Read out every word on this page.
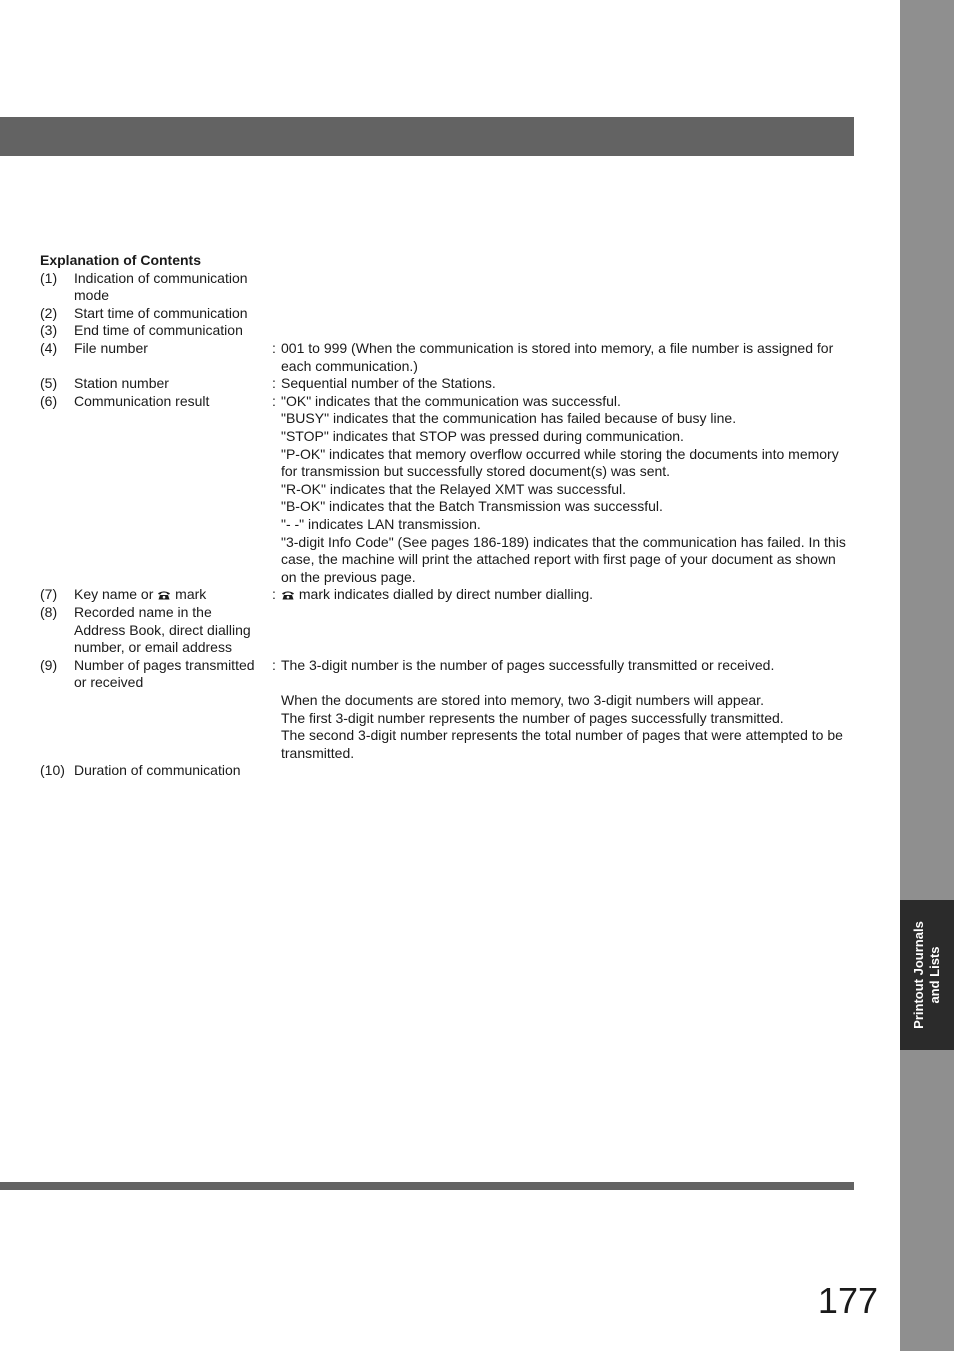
Printout Journals and Lists
Explanation of Contents
(1)	Indication of communication mode
(2)	Start time of communication
(3)	End time of communication
(4)	File number	: 001 to 999 (When the communication is stored into memory, a file number is assigned for
each communication.)
(5)	Station number	: Sequential number of the Stations.
(6)	Communication result	: "OK" indicates that the communication was successful.
"BUSY" indicates that the communication has failed because of busy line.
"STOP" indicates that STOP was pressed during communication.
"P-OK" indicates that memory overflow occurred while storing the documents into memory
for transmission but successfully stored document(s) was sent.
"R-OK" indicates that the Relayed XMT was successful.
"B-OK" indicates that the Batch Transmission was successful.
"- -" indicates LAN transmission.
"3-digit Info Code" (See pages 186-189) indicates that the communication has failed. In this
case, the machine will print the attached report with first page of your document as shown
on the previous page.
(7)	Key name or mark	: mark indicates dialled by direct number dialling.
(8)	Recorded name in the
Address Book, direct dialling
number, or email address
(9)	Number of pages transmitted
or received
: The 3-digit number is the number of pages successfully transmitted or received.
When the documents are stored into memory, two 3-digit numbers will appear.
The first 3-digit number represents the number of pages successfully transmitted.
The second 3-digit number represents the total number of pages that were attempted to be
transmitted.
(10) Duration of communication
177
